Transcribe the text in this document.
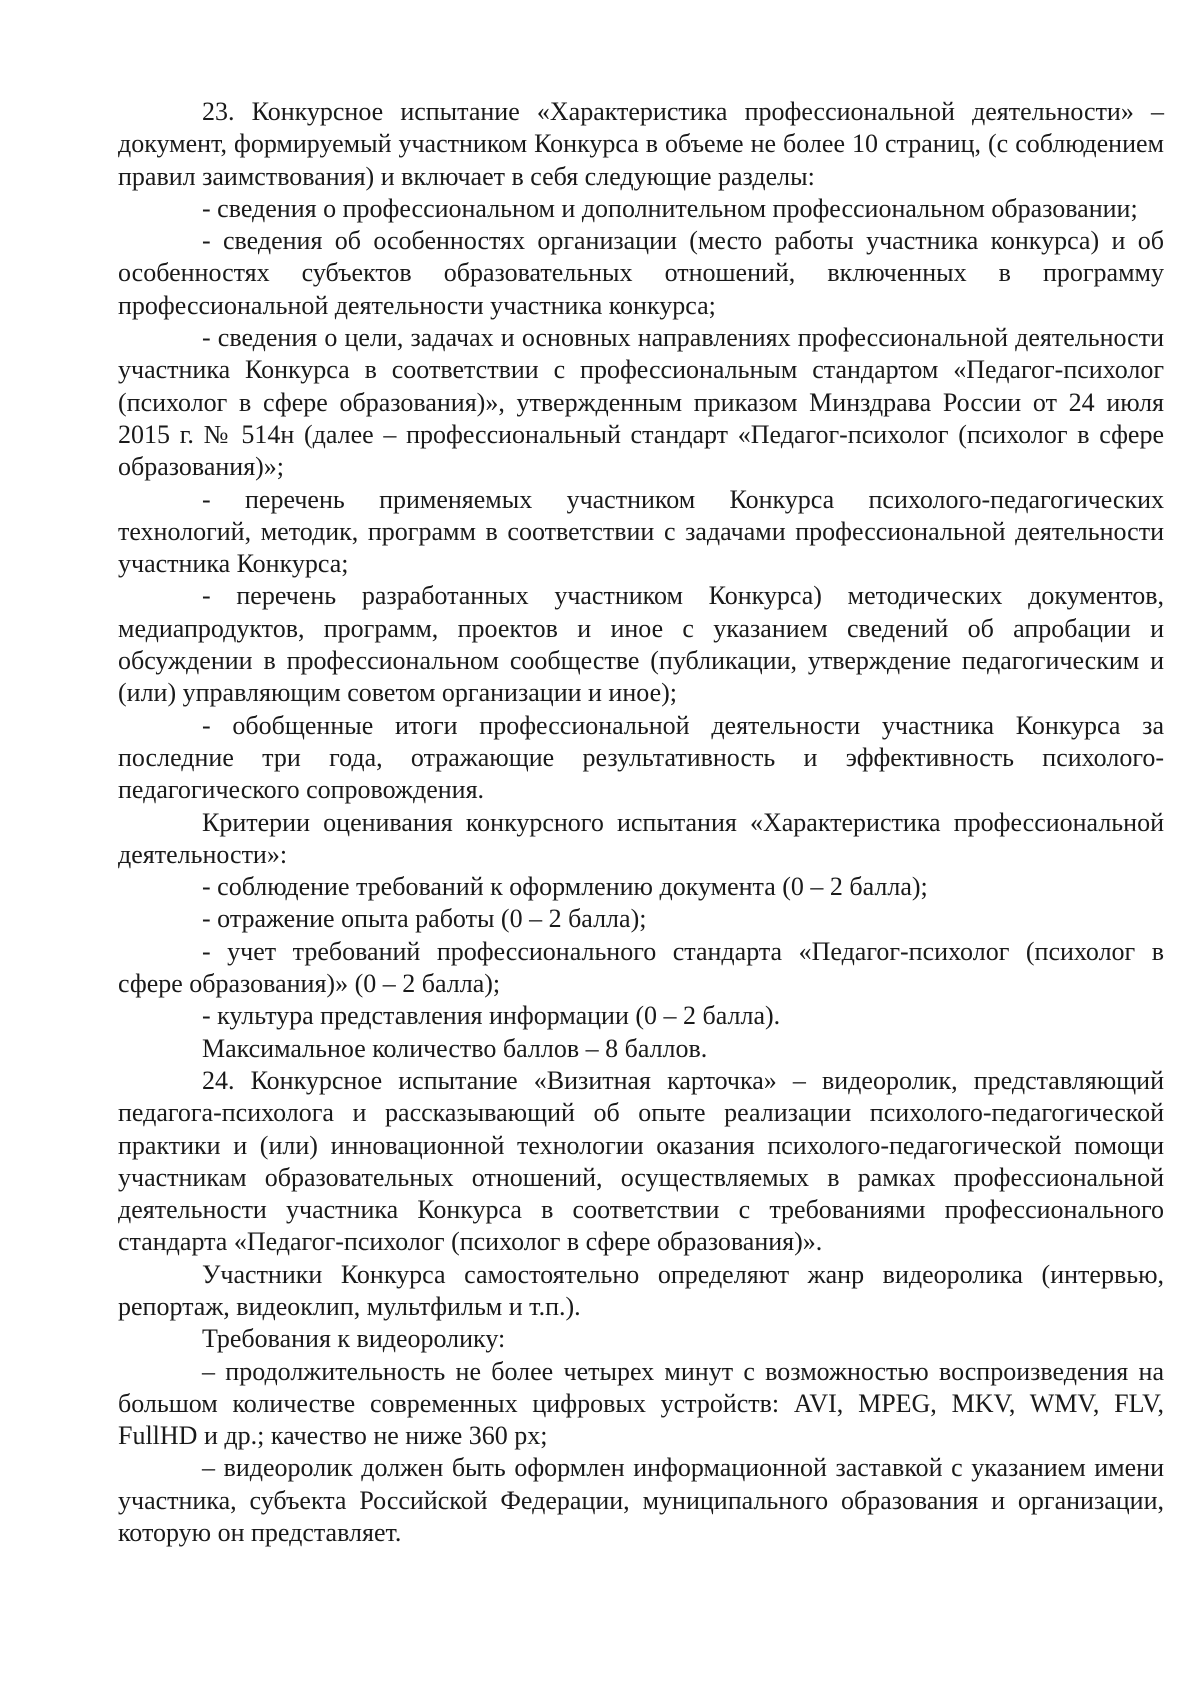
23. Конкурсное испытание «Характеристика профессиональной деятельности» – документ, формируемый участником Конкурса в объеме не более 10 страниц, (с соблюдением правил заимствования) и включает в себя следующие разделы:

- сведения о профессиональном и дополнительном профессиональном образовании;

- сведения об особенностях организации (место работы участника конкурса) и об особенностях субъектов образовательных отношений, включенных в программу профессиональной деятельности участника конкурса;

- сведения о цели, задачах и основных направлениях профессиональной деятельности участника Конкурса в соответствии с профессиональным стандартом «Педагог-психолог (психолог в сфере образования)», утвержденным приказом Минздрава России от 24 июля 2015 г. № 514н (далее – профессиональный стандарт «Педагог-психолог (психолог в сфере образования)»;

- перечень применяемых участником Конкурса психолого-педагогических технологий, методик, программ в соответствии с задачами профессиональной деятельности участника Конкурса;

- перечень разработанных участником Конкурса) методических документов, медиапродуктов, программ, проектов и иное с указанием сведений об апробации и обсуждении в профессиональном сообществе (публикации, утверждение педагогическим и (или) управляющим советом организации и иное);

- обобщенные итоги профессиональной деятельности участника Конкурса за последние три года, отражающие результативность и эффективность психолого-педагогического сопровождения.

Критерии оценивания конкурсного испытания «Характеристика профессиональной деятельности»:

- соблюдение требований к оформлению документа (0 – 2 балла);

- отражение опыта работы (0 – 2 балла);

- учет требований профессионального стандарта «Педагог-психолог (психолог в сфере образования)» (0 – 2 балла);

- культура представления информации (0 – 2 балла).

Максимальное количество баллов – 8 баллов.

24. Конкурсное испытание «Визитная карточка» – видеоролик, представляющий педагога-психолога и рассказывающий об опыте реализации психолого-педагогической практики и (или) инновационной технологии оказания психолого-педагогической помощи участникам образовательных отношений, осуществляемых в рамках профессиональной деятельности участника Конкурса в соответствии с требованиями профессионального стандарта «Педагог-психолог (психолог в сфере образования)».

Участники Конкурса самостоятельно определяют жанр видеоролика (интервью, репортаж, видеоклип, мультфильм и т.п.).

Требования к видеоролику:

– продолжительность не более четырех минут с возможностью воспроизведения на большом количестве современных цифровых устройств: AVI, MPEG, MKV, WMV, FLV, FullHD и др.; качество не ниже 360 px;

– видеоролик должен быть оформлен информационной заставкой с указанием имени участника, субъекта Российской Федерации, муниципального образования и организации, которую он представляет.
